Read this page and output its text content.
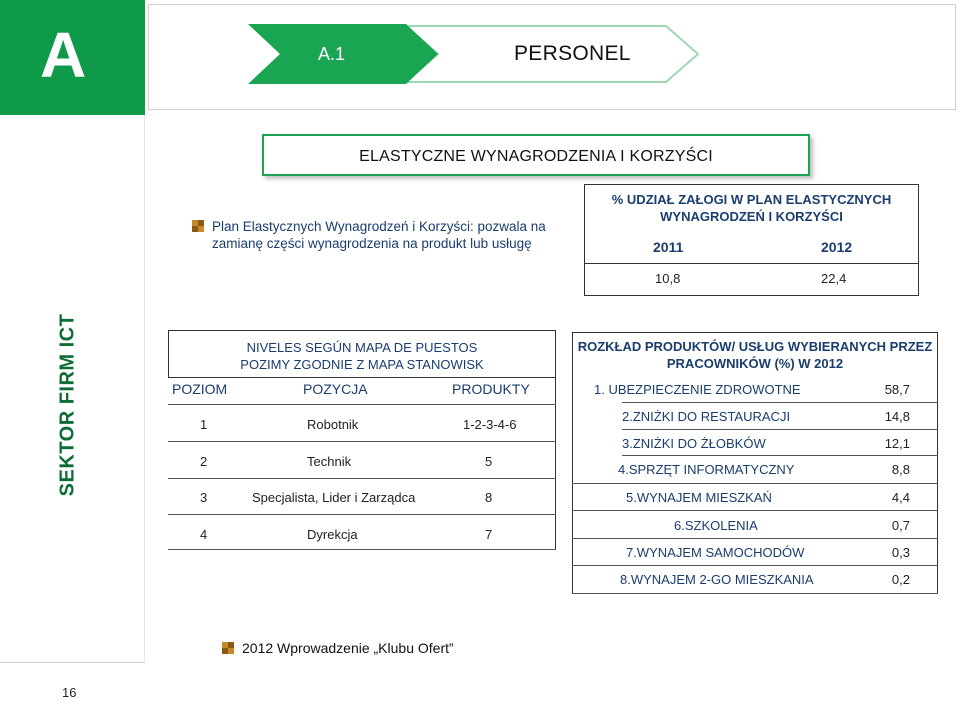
A
SEKTOR FIRM ICT
16
A.1	PERSONEL
ELASTYCZNE WYNAGRODZENIA I KORZYŚCI
Plan Elastycznych Wynagrodzeń i Korzyści: pozwala na zamianę części wynagrodzenia na produkt lub usługę
% UDZIAŁ ZAŁOGI W PLAN ELASTYCZNYCH WYNAGRODZEŃ I KORZYŚCI
2011	2012
10,8	22,4
NIVELES SEGÚN MAPA DE PUESTOS
POZIMY ZGODNIE Z MAPA STANOWISK
POZIOM	POZYCJA	PRODUKTY
1	Robotnik	1-2-3-4-6
2	Technik	5
3	Specjalista, Lider i Zarządca	8
4	Dyrekcja	7
ROZKŁAD PRODUKTÓW/ USŁUG WYBIERANYCH PRZEZ
PRACOWNIKÓW (%) W 2012
1. UBEZPIECZENIE ZDROWOTNE	58,7
2.ZNIŻKI DO RESTAURACJI	14,8
3.ZNIŻKI DO ŻŁOBKÓW	12,1
4.SPRZĘT INFORMATYCZNY	8,8
5.WYNAJEM MIESZKAŃ	4,4
6.SZKOLENIA	0,7
7.WYNAJEM SAMOCHODÓW	0,3
8.WYNAJEM 2-GO MIESZKANIA	0,2
2012 Wprowadzenie „Klubu Ofert”
